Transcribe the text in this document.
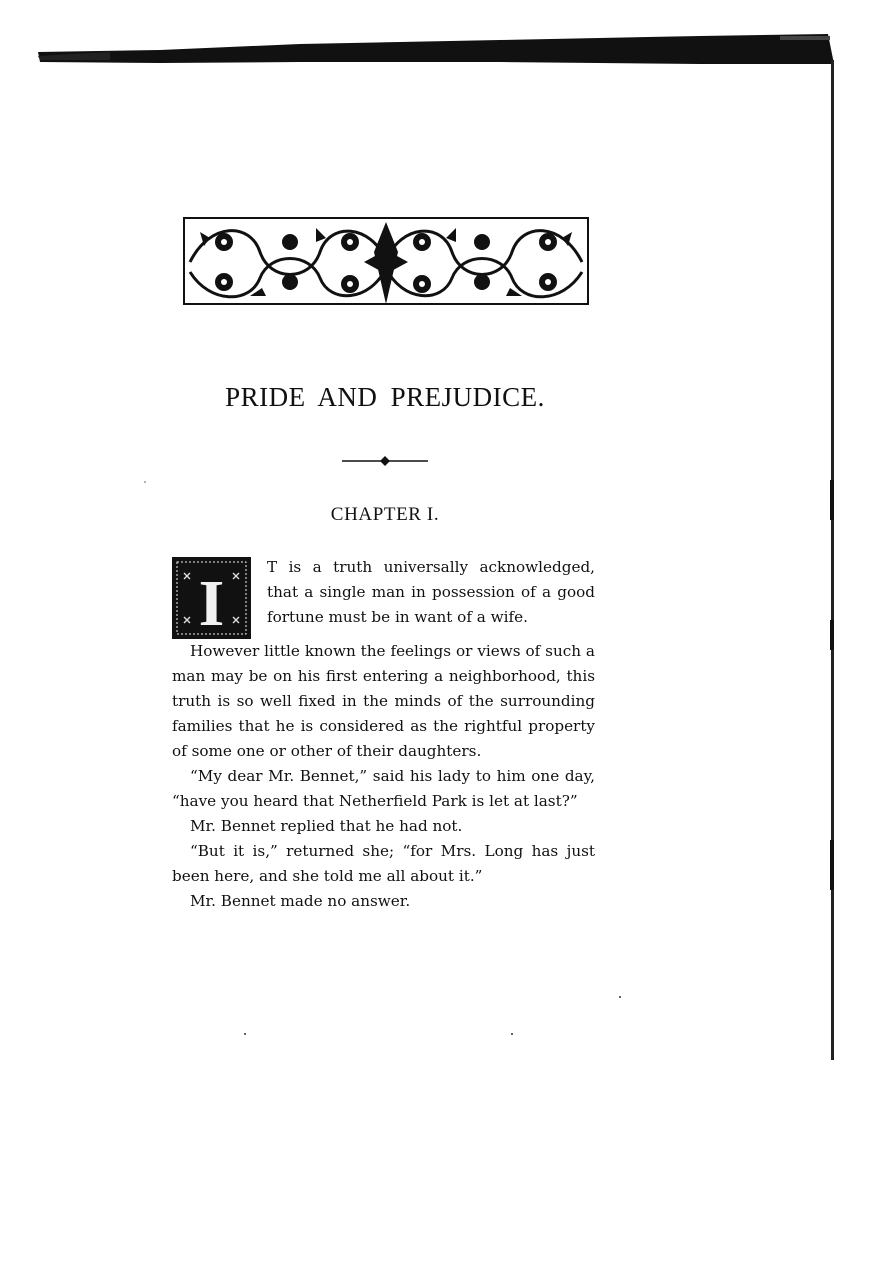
PRIDE AND PREJUDICE.
CHAPTER I.
I	T is a truth universally acknowledged, that a single man in possession of a good fortune must be in want of a wife.

However little known the feelings or views of such a man may be on his first entering a neighborhood, this truth is so well fixed in the minds of the surrounding families that he is considered as the rightful property of some one or other of their daughters.

“My dear Mr. Bennet,” said his lady to him one day, “have you heard that Netherfield Park is let at last?”

Mr. Bennet replied that he had not.

“But it is,” returned she; “for Mrs. Long has just been here, and she told me all about it.”

Mr. Bennet made no answer.
